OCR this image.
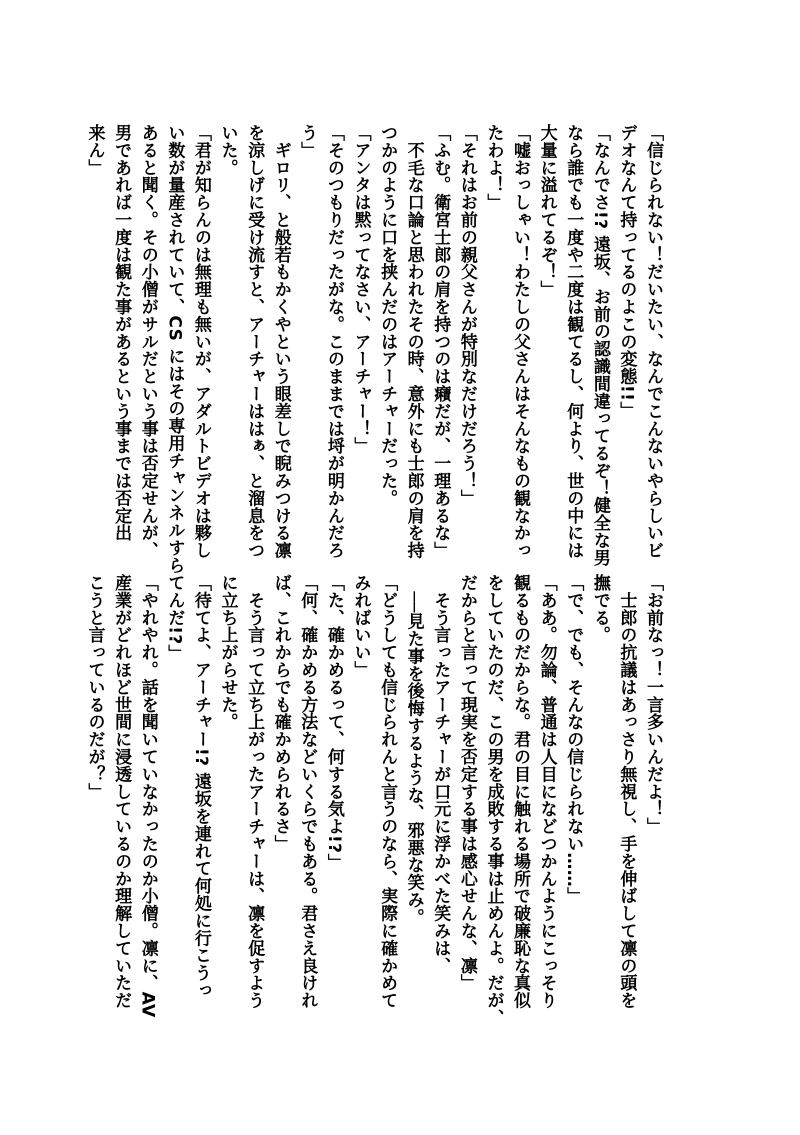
「信じられない！だいたい、なんでこんないやらしいビ
デオなんて持ってるのよこの変態!!」
「なんでさ!? 遠坂、お前の認識間違ってるぞ！健全な男
なら誰でも一度や二度は観てるし、何より、世の中には
大量に溢れてるぞ！」
「嘘おっしゃい！わたしの父さんはそんなもの観なかっ
たわよ！」
「それはお前の親父さんが特別なだけだろう！」
「ふむ。衛宮士郎の肩を持つのは癪だが、一理あるな」
　不毛な口論と思われたその時、意外にも士郎の肩を持
つかのように口を挟んだのはアーチャーだった。
「アンタは黙ってなさい、アーチャー！」
「そのつもりだったがな。このままでは埒が明かんだろ
う」
　ギロリ、と般若もかくやという眼差しで睨みつける凛
を涼しげに受け流すと、アーチャーははぁ、と溜息をつ
いた。
「君が知らんのは無理も無いが、アダルトビデオは夥し
い数が量産されていて、CS にはその専用チャンネルすら
あると聞く。その小僧がサルだという事は否定せんが、
男であれば一度は観た事があるという事までは否定出
来ん」
「お前なっ！一言多いんだよ！」
　士郎の抗議はあっさり無視し、手を伸ばして凛の頭を
撫でる。
「で、でも、そんなの信じられない……」
「ああ。勿論、普通は人目になどつかんようにこっそり
観るものだからな。君の目に触れる場所で破廉恥な真似
をしていたのだ、この男を成敗する事は止めんよ。だが、
だからと言って現実を否定する事は感心せんな、凛」
　そう言ったアーチャーが口元に浮かべた笑みは、
　──見た事を後悔するような、邪悪な笑み。
「どうしても信じられんと言うのなら、実際に確かめて
みればいい」
「た、確かめるって、何する気よ!?」
「何、確かめる方法などいくらでもある。君さえ良けれ
ば、これからでも確かめられるさ」
　そう言って立ち上がったアーチャーは、凛を促すよう
に立ち上がらせた。
「待てよ、アーチャー!? 遠坂を連れて何処に行こうっ
てんだ!?」
「やれやれ。話を聞いていなかったのか小僧。凛に、AV
産業がどれほど世間に浸透しているのか理解していただ
こうと言っているのだが？」
